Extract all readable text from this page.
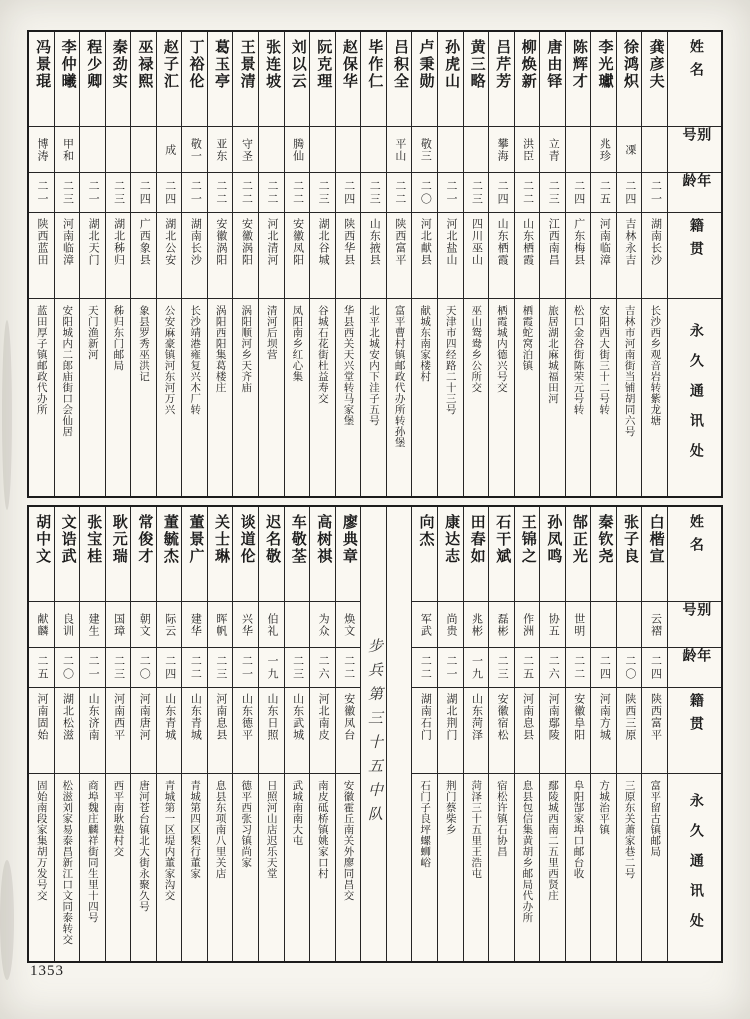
姓名
别号
年龄
籍贯
永久通讯处
龚彦夫
二一
湖南长沙
长沙西乡观音岩转紫龙塘
徐鸿炽
凓
二四
吉林永吉
吉林市河南街当铺胡同六号
李光瓛
兆珍
二五
河南临漳
安阳西大街三十二号转
陈辉才
二四
广东梅县
松口金谷街陈荣元号转
唐由铎
立青
二三
江西南昌
旅居湖北麻城福田河
柳焕新
洪臣
二二
山东栖霞
栖霞蛇窝泊镇
吕芹芳
攀海
二四
山东栖霞
栖霞城内德兴号交
黄三略
二三
四川巫山
巫山鸳鸯乡公所交
孙虎山
二一
河北盐山
天津市四经路二十三号
卢秉勋
敬三
二〇
河北献县
献城东南家楼村
吕积全
平山
二二
陕西富平
富平曹村镇邮政代办所转孙堡
毕作仁
二三
山东掖县
北平北城安内下洼子五号
赵保华
二四
陕西华县
华县西关天兴堂转马家堡
阮克理
二三
湖北谷城
谷城石花街杜益寿交
刘以云
腾仙
二二
安徽凤阳
凤阳南乡红心集
张连坡
二二
河北清河
清河后坝营
王景清
守圣
二二
安徽涡阳
涡阳顺河乡天齐庙
葛玉亭
亚东
二二
安徽涡阳
涡阳西阳集葛楼庄
丁裕伦
敬一
二一
湖南长沙
长沙靖港雍复兴木厂转
赵子汇
成
二四
湖北公安
公安麻豪镇河东河万兴
巫禄熙
二四
广西象县
象县罗秀巫洪记
秦劲实
二三
湖北秭归
秭归东门邮局
程少卿
二一
湖北天门
天门渔新河
李仲曦
甲和
二三
河南临漳
安阳城内二郎庙街口会仙居
冯景琨
博涛
二一
陕西蓝田
蓝田厚子镇邮政代办所
姓名
别号
年龄
籍贯
永久通讯处
白楷宣
云褶
二四
陕西富平
富平留古镇邮局
张子良
二〇
陕西三原
三原东关萧家巷二号
秦钦尧
二四
河南方城
方城治平镇
郜正光
世明
二二
安徽阜阳
阜阳郜家埠口邮台收
孙凤鸣
协五
二六
河南鄢陵
鄢陵城西南二五里西贤庄
王锦之
作洲
二五
河南息县
息县包信集黄胡乡邮局代办所
石干斌
磊彬
二三
安徽宿松
宿松许镇石协昌
田春如
兆彬
一九
山东菏泽
菏泽三十五里王浩屯
康达志
尚贵
二一
湖北荆门
荆门蔡柴乡
向杰
军武
二二
湖南石门
石门子良坪螺蛳峪
步兵第三十五中队
廖典章
焕文
二二
安徽凤台
安徽霍丘南关外廖同昌交
高树祺
为众
二六
河北南皮
南皮砥桥镇姚家口村
车敬荃
二三
山东武城
武城南南大屯
迟名敬
伯礼
一九
山东日照
日照河山店迟乐天堂
谈道伦
兴华
二一
山东德平
德平西张习镇尚家
关士琳
晖帆
二三
河南息县
息县东项南八里关店
董景广
建华
二二
山东青城
青城第四区梨行董家
董毓杰
际云
二四
山东青城
青城第一区堤内董家沟交
常俊才
朝文
二〇
河南唐河
唐河苍台镇北大街永聚久号
耿元瑞
国璋
二三
河南西平
西平南耿塾村交
张宝桂
建生
二一
山东济南
商埠魏庄麟祥街同生里十四号
文诰武
良训
二〇
湖北松滋
松滋刘家易泰昌新江口文同泰转交
胡中文
献麟
二五
河南固始
固始南段家集胡万发号交
1353
